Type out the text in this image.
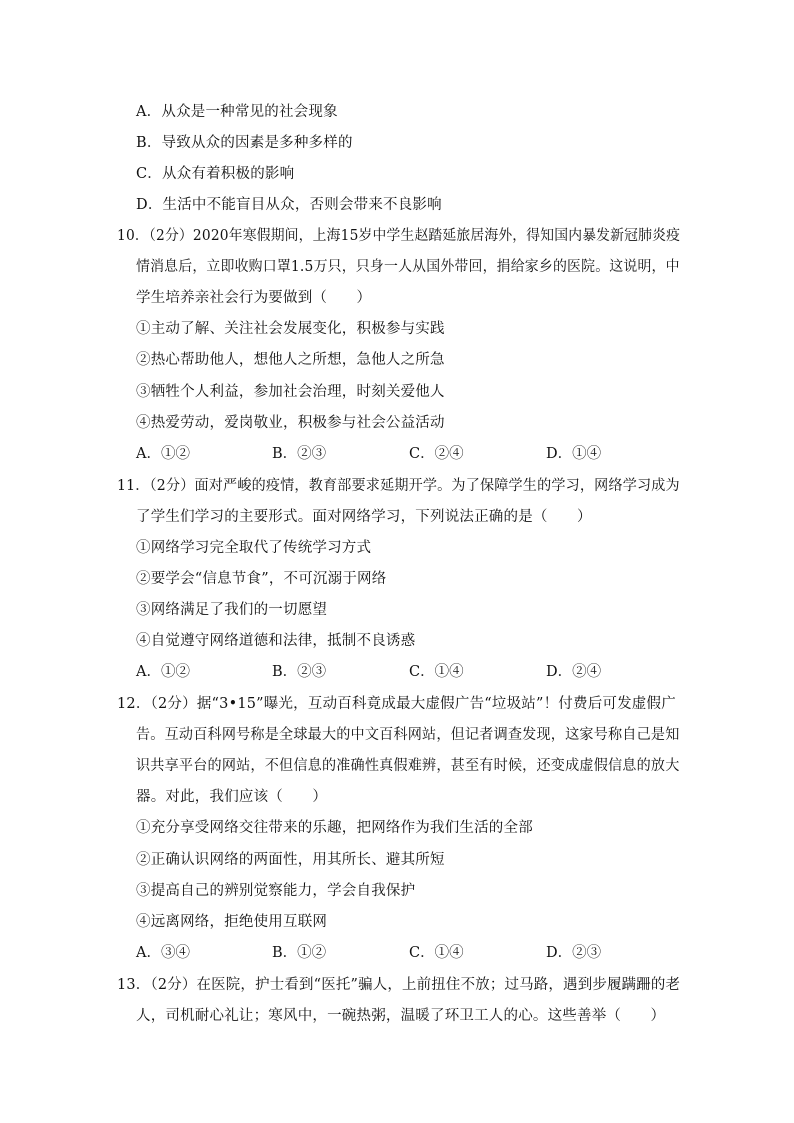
A．从众是一种常见的社会现象
B．导致从众的因素是多种多样的
C．从众有着积极的影响
D．生活中不能盲目从众，否则会带来不良影响
10．（2分）2020年寒假期间，上海15岁中学生赵踏延旅居海外，得知国内暴发新冠肺炎疫
情消息后，立即收购口罩1.5万只，只身一人从国外带回，捐给家乡的医院。这说明，中
学生培养亲社会行为要做到（　　）
①主动了解、关注社会发展变化，积极参与实践
②热心帮助他人，想他人之所想，急他人之所急
③牺牲个人利益，参加社会治理，时刻关爱他人
④热爱劳动，爱岗敬业，积极参与社会公益活动
A．①②	B．②③	C．②④	D．①④
11．（2分）面对严峻的疫情，教育部要求延期开学。为了保障学生的学习，网络学习成为
了学生们学习的主要形式。面对网络学习，下列说法正确的是（　　）
①网络学习完全取代了传统学习方式
②要学会“信息节食”，不可沉溺于网络
③网络满足了我们的一切愿望
④自觉遵守网络道德和法律，抵制不良诱惑
A．①②	B．②③	C．①④	D．②④
12．（2分）据“3•15”曝光，互动百科竟成最大虚假广告“垃圾站”！付费后可发虚假广
告。互动百科网号称是全球最大的中文百科网站，但记者调查发现，这家号称自己是知
识共享平台的网站，不但信息的准确性真假难辨，甚至有时候，还变成虚假信息的放大
器。对此，我们应该（　　）
①充分享受网络交往带来的乐趣，把网络作为我们生活的全部
②正确认识网络的两面性，用其所长、避其所短
③提高自己的辨别觉察能力，学会自我保护
④远离网络，拒绝使用互联网
A．③④	B．①②	C．①④	D．②③
13．（2分）在医院，护士看到“医托”骗人，上前扭住不放；过马路，遇到步履蹒跚的老
人，司机耐心礼让；寒风中，一碗热粥，温暖了环卫工人的心。这些善举（　　）
